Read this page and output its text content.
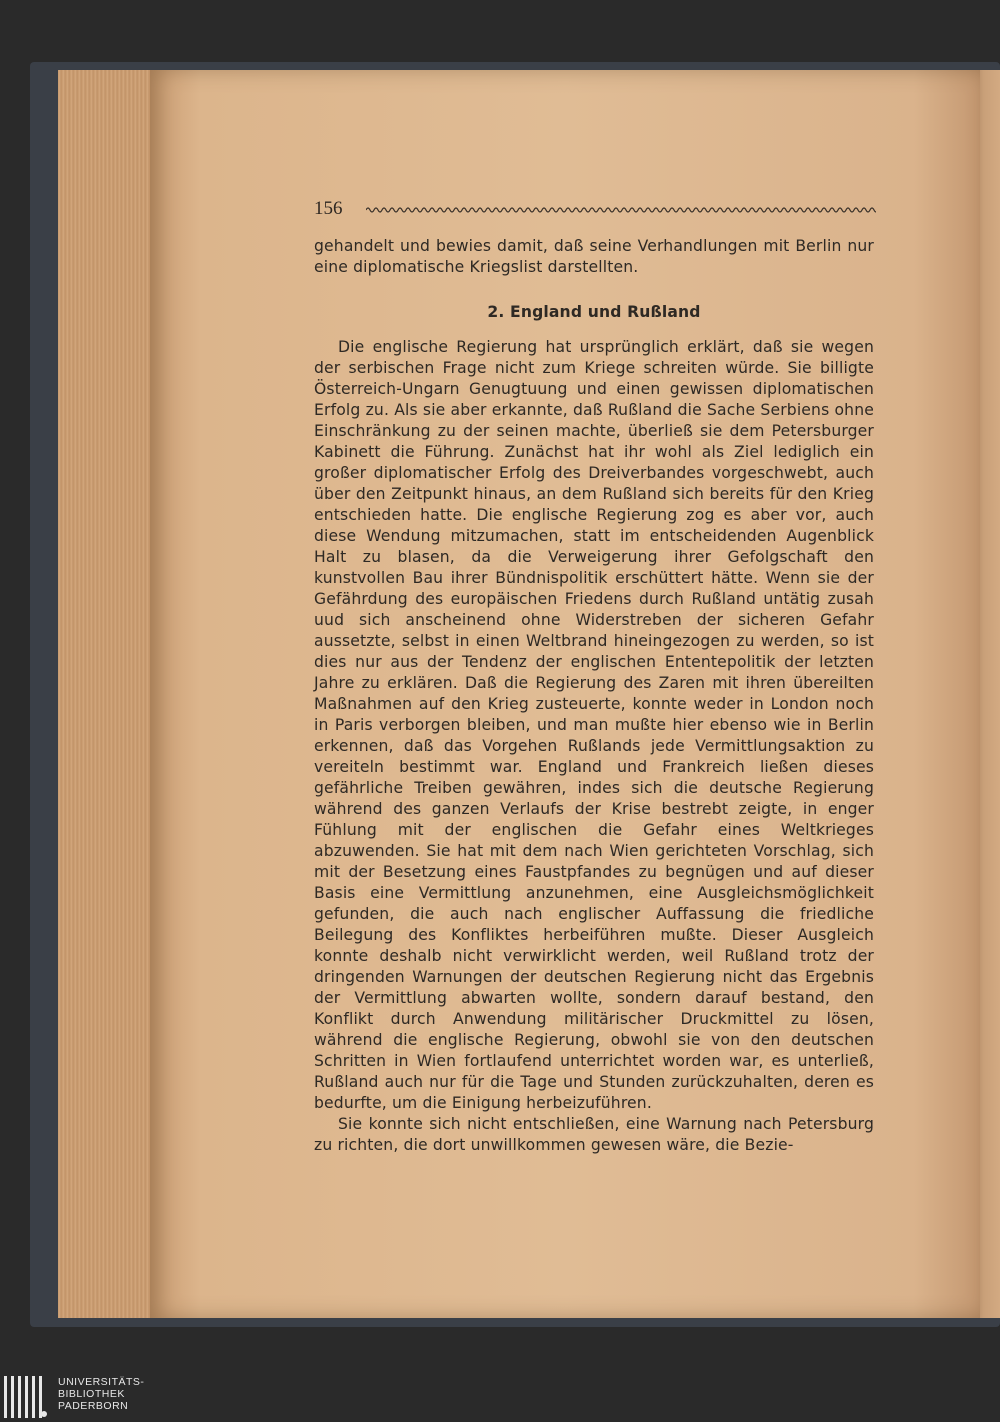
156

gehandelt und bewies damit, daß seine Verhandlungen mit Berlin nur eine diplomatische Kriegslist darstellten.

2. England und Rußland

Die englische Regierung hat ursprünglich erklärt, daß sie wegen der serbischen Frage nicht zum Kriege schreiten würde. Sie billigte Österreich-Ungarn Genugtuung und einen gewissen diplomatischen Erfolg zu. Als sie aber erkannte, daß Rußland die Sache Serbiens ohne Einschränkung zu der seinen machte, überließ sie dem Petersburger Kabinett die Führung. Zunächst hat ihr wohl als Ziel lediglich ein großer diplomatischer Erfolg des Dreiverbandes vorgeschwebt, auch über den Zeitpunkt hinaus, an dem Rußland sich bereits für den Krieg entschieden hatte. Die englische Regierung zog es aber vor, auch diese Wendung mitzumachen, statt im entscheidenden Augenblick Halt zu blasen, da die Verweigerung ihrer Gefolgschaft den kunstvollen Bau ihrer Bündnispolitik erschüttert hätte. Wenn sie der Gefährdung des europäischen Friedens durch Rußland untätig zusah uud sich anscheinend ohne Widerstreben der sicheren Gefahr aussetzte, selbst in einen Weltbrand hineingezogen zu werden, so ist dies nur aus der Tendenz der englischen Ententepolitik der letzten Jahre zu erklären. Daß die Regierung des Zaren mit ihren übereilten Maßnahmen auf den Krieg zusteuerte, konnte weder in London noch in Paris verborgen bleiben, und man mußte hier ebenso wie in Berlin erkennen, daß das Vorgehen Rußlands jede Vermittlungsaktion zu vereiteln bestimmt war. England und Frankreich ließen dieses gefährliche Treiben gewähren, indes sich die deutsche Regierung während des ganzen Verlaufs der Krise bestrebt zeigte, in enger Fühlung mit der englischen die Gefahr eines Weltkrieges abzuwenden. Sie hat mit dem nach Wien gerichteten Vorschlag, sich mit der Besetzung eines Faustpfandes zu begnügen und auf dieser Basis eine Vermittlung anzunehmen, eine Ausgleichsmöglichkeit gefunden, die auch nach englischer Auffassung die friedliche Beilegung des Konfliktes herbeiführen mußte. Dieser Ausgleich konnte deshalb nicht verwirklicht werden, weil Rußland trotz der dringenden Warnungen der deutschen Regierung nicht das Ergebnis der Vermittlung abwarten wollte, sondern darauf bestand, den Konflikt durch Anwendung militärischer Druckmittel zu lösen, während die englische Regierung, obwohl sie von den deutschen Schritten in Wien fortlaufend unterrichtet worden war, es unterließ, Rußland auch nur für die Tage und Stunden zurückzuhalten, deren es bedurfte, um die Einigung herbeizuführen.

Sie konnte sich nicht entschließen, eine Warnung nach Petersburg zu richten, die dort unwillkommen gewesen wäre, die Bezie-

UNIVERSITÄTS-
BIBLIOTHEK
PADERBORN
